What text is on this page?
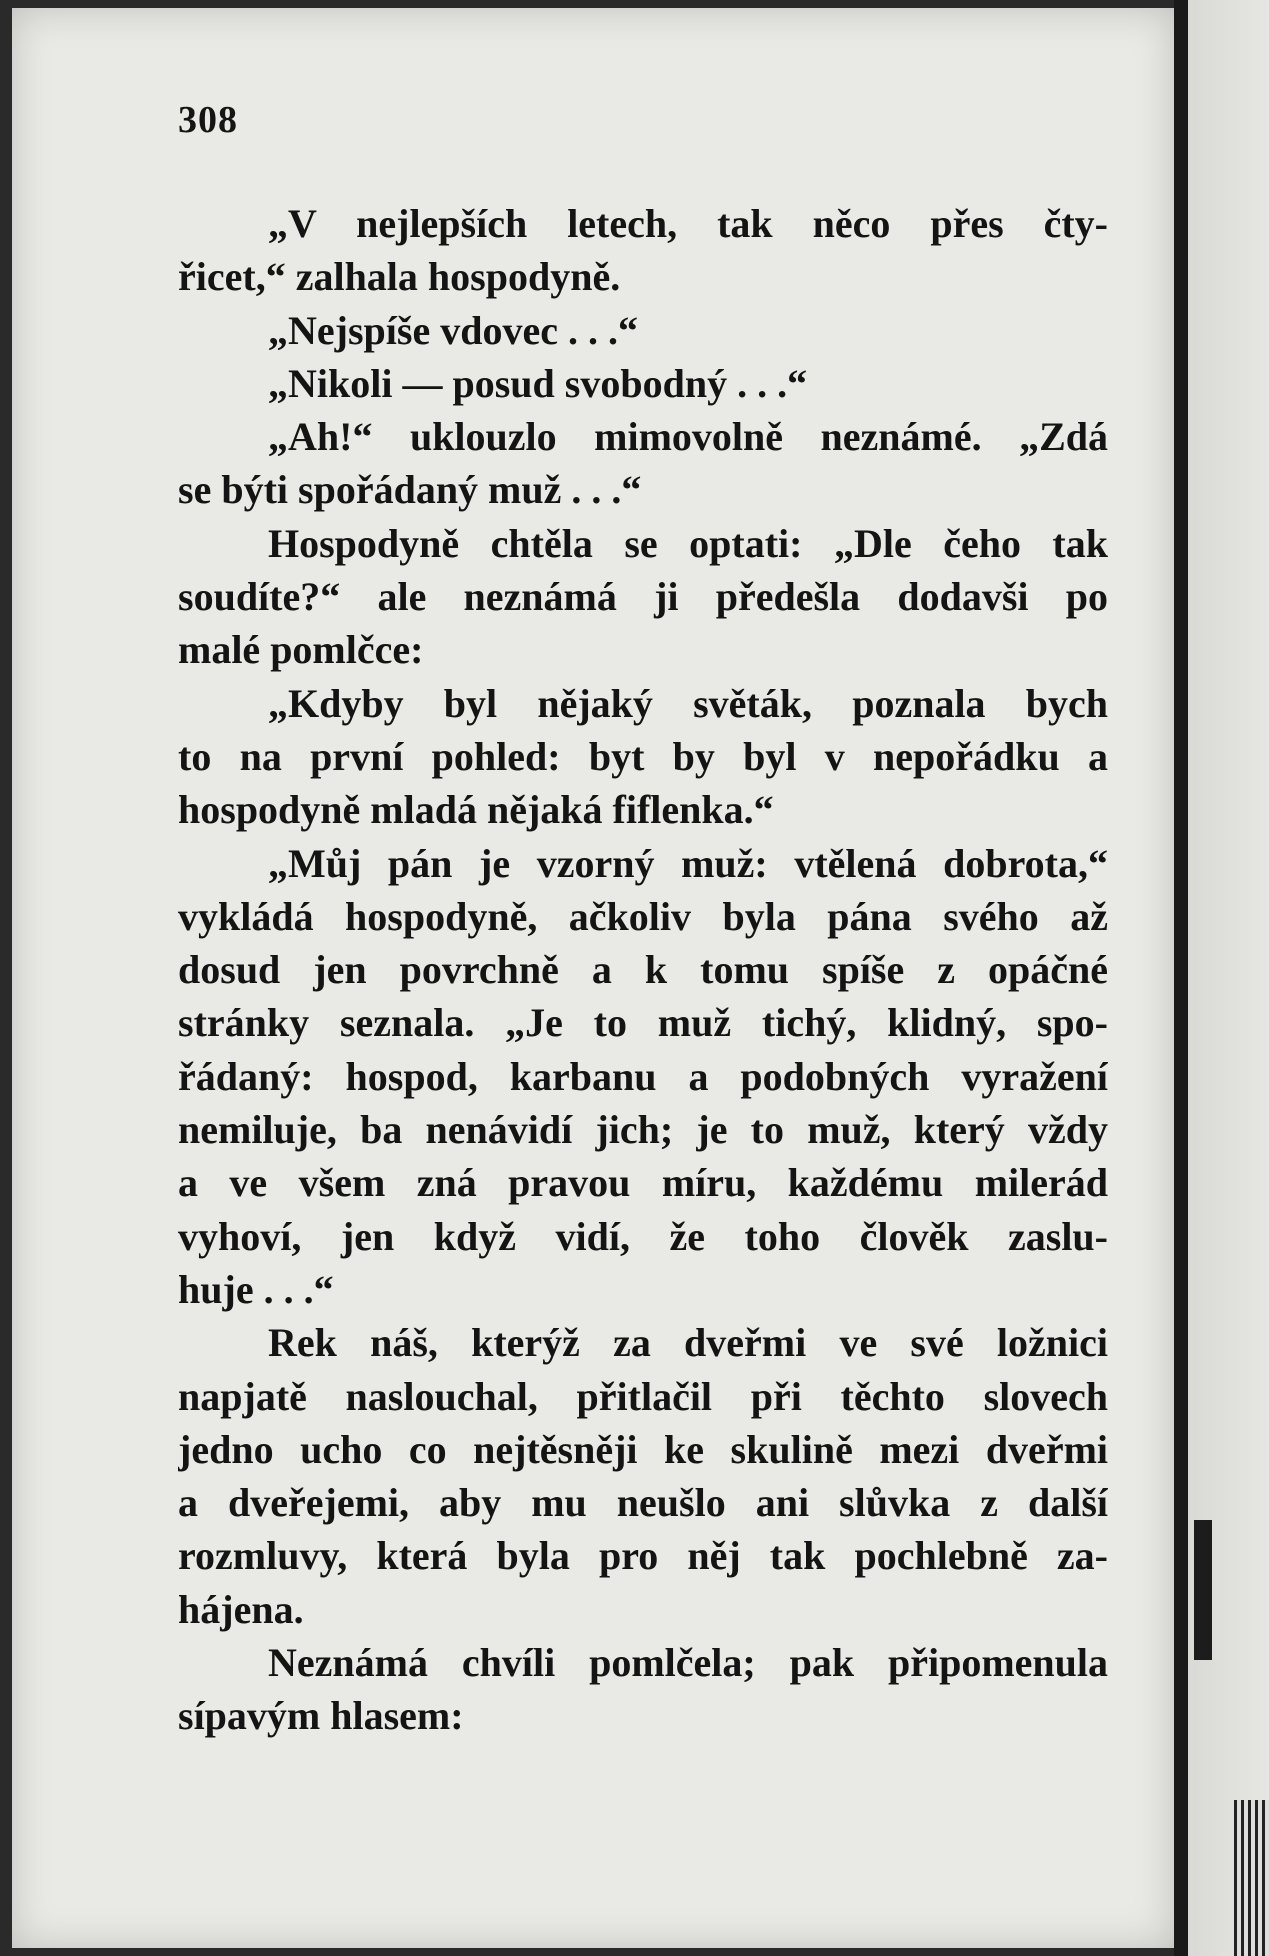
308
„V nejlepších letech, tak něco přes čty-
řicet,“ zalhala hospodyně.
„Nejspíše vdovec . . .“
„Nikoli — posud svobodný . . .“
„Ah!“ uklouzlo mimovolně neznámé. „Zdá
se býti spořádaný muž . . .“
Hospodyně chtěla se optati: „Dle čeho tak
soudíte?“ ale neznámá ji předešla dodavši po
malé pomlčce:
„Kdyby byl nějaký světák, poznala bych
to na první pohled: byt by byl v nepořádku a
hospodyně mladá nějaká fiflenka.“
„Můj pán je vzorný muž: vtělená dobrota,“
vykládá hospodyně, ačkoliv byla pána svého až
dosud jen povrchně a k tomu spíše z opáčné
stránky seznala. „Je to muž tichý, klidný, spo-
řádaný: hospod, karbanu a podobných vyražení
nemiluje, ba nenávidí jich; je to muž, který vždy
a ve všem zná pravou míru, každému milerád
vyhoví, jen když vidí, že toho člověk zaslu-
huje . . .“
Rek náš, kterýž za dveřmi ve své ložnici
napjatě naslouchal, přitlačil při těchto slovech
jedno ucho co nejtěsněji ke skulině mezi dveřmi
a dveřejemi, aby mu neušlo ani slůvka z další
rozmluvy, která byla pro něj tak pochlebně za-
hájena.
Neznámá chvíli pomlčela; pak připomenula
sípavým hlasem:
